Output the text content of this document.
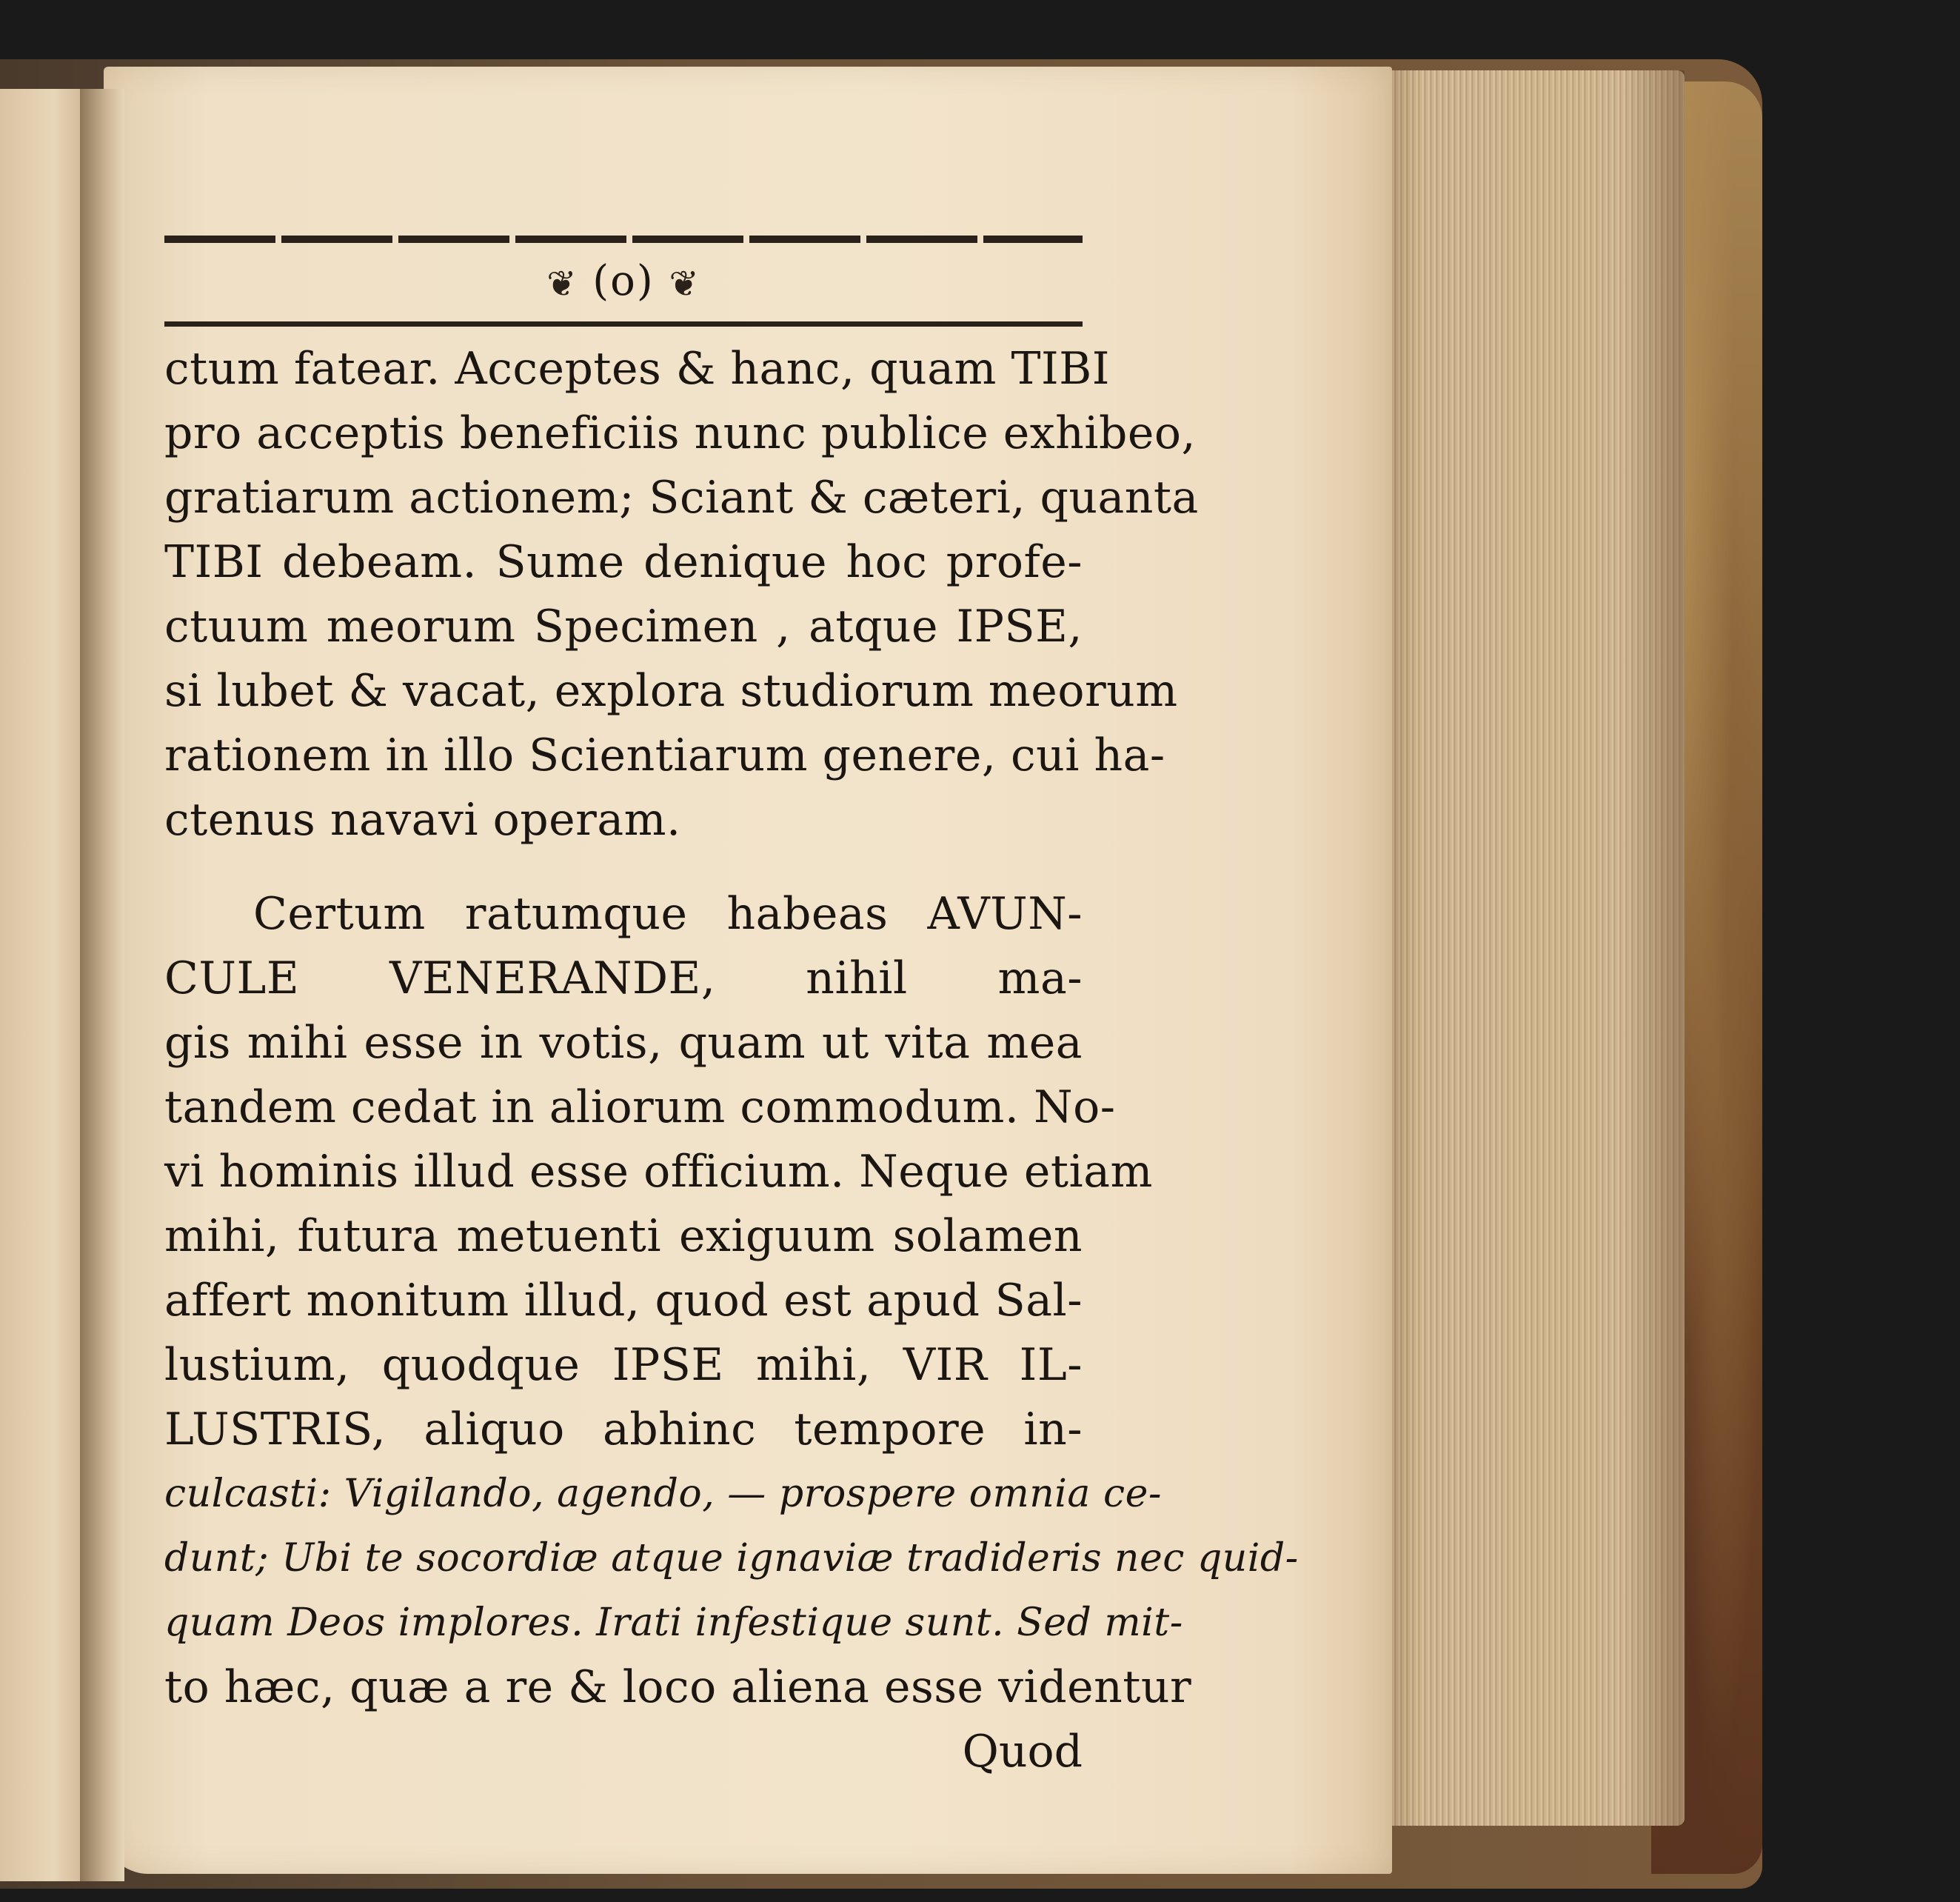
❦ (o) ❦
ctum fatear. Acceptes & hanc, quam TIBI
pro acceptis beneficiis nunc publice exhibeo,
gratiarum actionem; Sciant & cæteri, quanta
TIBI debeam. Sume denique hoc profe-
ctuum meorum Specimen , atque IPSE,
si lubet & vacat, explora studiorum meorum
rationem in illo Scientiarum genere, cui ha-
ctenus navavi operam.
Certum ratumque habeas AVUN-
CULE VENERANDE, nihil ma-
gis mihi esse in votis, quam ut vita mea
tandem cedat in aliorum commodum. No-
vi hominis illud esse officium. Neque etiam
mihi, futura metuenti exiguum solamen
affert monitum illud, quod est apud Sal-
lustium, quodque IPSE mihi, VIR IL-
LUSTRIS, aliquo abhinc tempore in-
culcasti: Vigilando, agendo, — prospere omnia ce-
dunt; Ubi te socordiæ atque ignaviæ tradideris nec quid-
quam Deos implores. Irati infestique sunt. Sed mit-
to hæc, quæ a re & loco aliena esse videntur
Quod
